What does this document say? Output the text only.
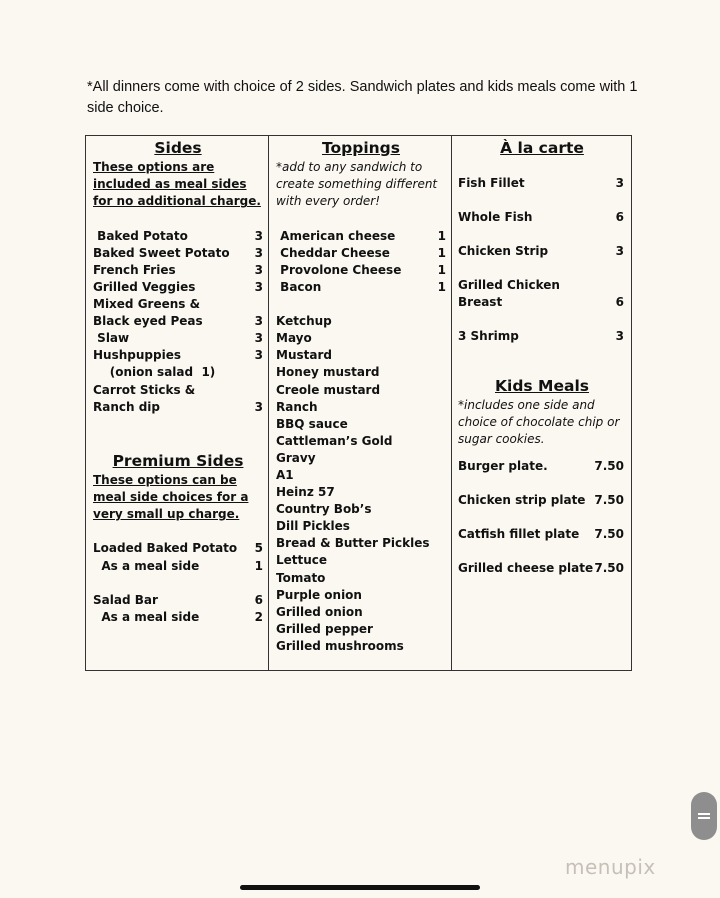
*All dinners come with choice of 2 sides. Sandwich plates and kids meals come with 1 side choice.
Sides
These options are included as meal sides for no additional charge.
Baked Potato	3
Baked Sweet Potato 3
French Fries	3
Grilled Veggies	3
Mixed Greens &
Black eyed Peas	3
Slaw	3
Hushpuppies	3
(onion salad  1)
Carrot Sticks &
Ranch dip	3
Premium Sides
These options can be meal side choices for a very small up charge.
Loaded Baked Potato 5
As a meal side	1
Salad Bar	6
As a meal side	2
Toppings
*add to any sandwich to create something different with every order!
American cheese	1
Cheddar Cheese	1
Provolone Cheese	1
Bacon	1
Ketchup
Mayo
Mustard
Honey mustard
Creole mustard
Ranch
BBQ sauce
Cattleman’s Gold
Gravy
A1
Heinz 57
Country Bob’s
Dill Pickles
Bread & Butter Pickles
Lettuce
Tomato
Purple onion
Grilled onion
Grilled pepper
Grilled mushrooms
À la carte
Fish Fillet	3
Whole Fish	6
Chicken Strip	3
Grilled Chicken
Breast	6
3 Shrimp	3
Kids Meals
*includes one side and choice of chocolate chip or sugar cookies.
Burger plate.	7.50
Chicken strip plate 7.50
Catfish fillet plate 7.50
Grilled cheese plate 7.50
menupix
